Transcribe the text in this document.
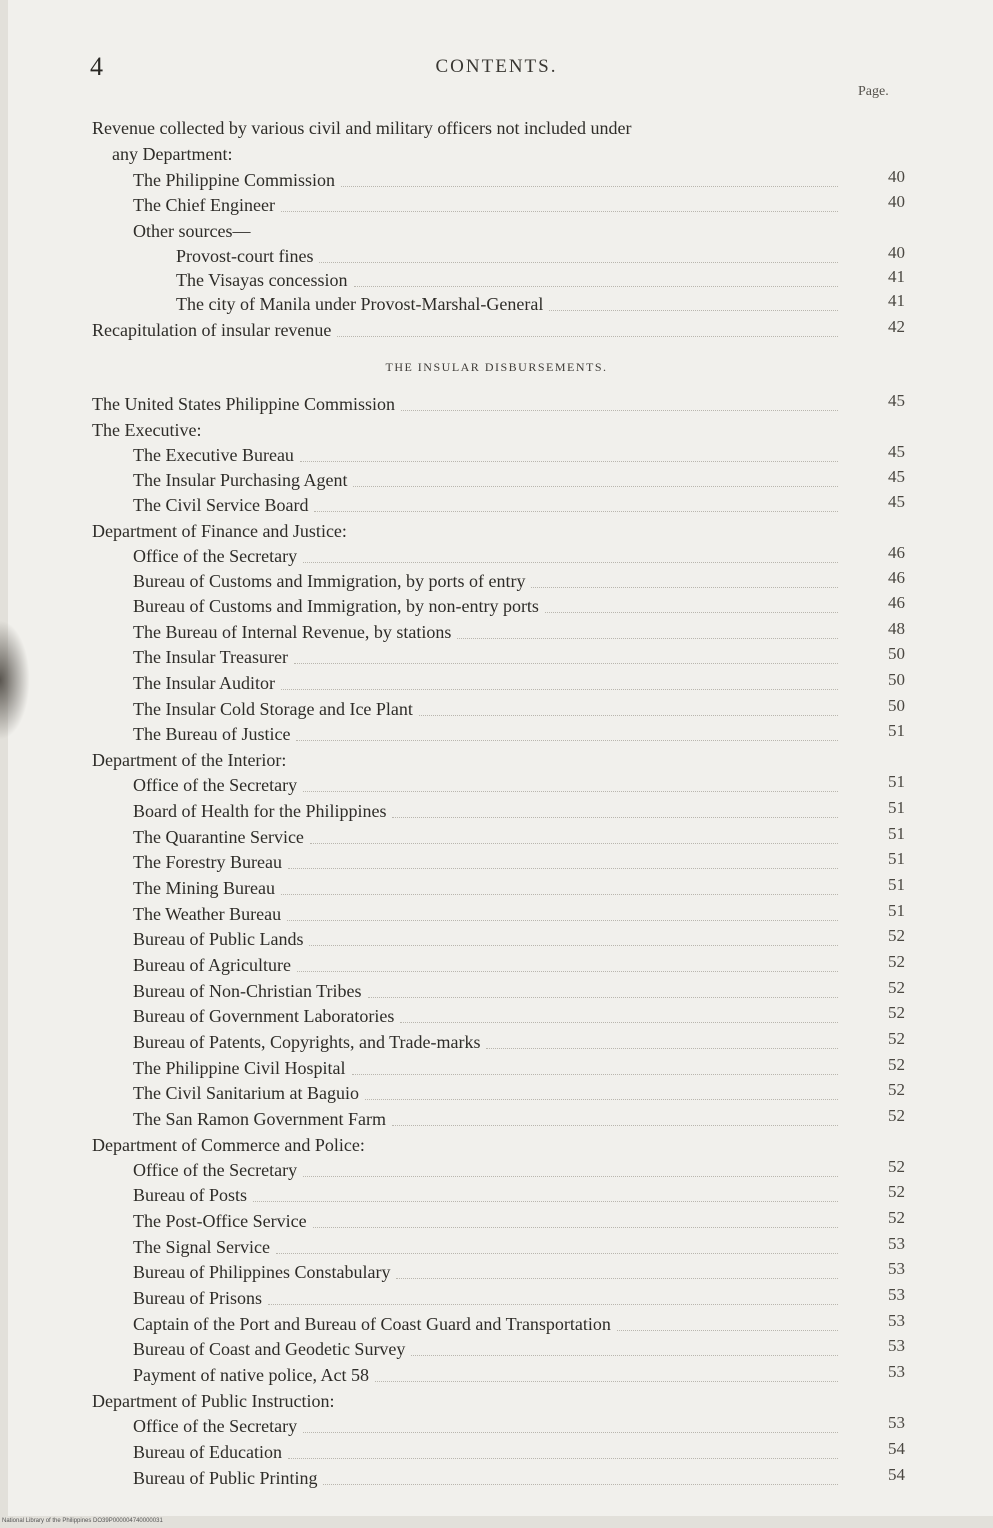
4	CONTENTS.
Page.
THE INSULAR DISBURSEMENTS.
Revenue collected by various civil and military officers not included under
any Department:
The Philippine Commission	40
The Chief Engineer	40
Other sources—
Provost-court fines	40
The Visayas concession	41
The city of Manila under Provost-Marshal-General	41
Recapitulation of insular revenue	42
The United States Philippine Commission	45
The Executive:
The Executive Bureau	45
The Insular Purchasing Agent	45
The Civil Service Board	45
Department of Finance and Justice:
Office of the Secretary	46
Bureau of Customs and Immigration, by ports of entry	46
Bureau of Customs and Immigration, by non-entry ports	46
The Bureau of Internal Revenue, by stations	48
The Insular Treasurer	50
The Insular Auditor	50
The Insular Cold Storage and Ice Plant	50
The Bureau of Justice	51
Department of the Interior:
Office of the Secretary	51
Board of Health for the Philippines	51
The Quarantine Service	51
The Forestry Bureau	51
The Mining Bureau	51
The Weather Bureau	51
Bureau of Public Lands	52
Bureau of Agriculture	52
Bureau of Non-Christian Tribes	52
Bureau of Government Laboratories	52
Bureau of Patents, Copyrights, and Trade-marks	52
The Philippine Civil Hospital	52
The Civil Sanitarium at Baguio	52
The San Ramon Government Farm	52
Department of Commerce and Police:
Office of the Secretary	52
Bureau of Posts	52
The Post-Office Service	52
The Signal Service	53
Bureau of Philippines Constabulary	53
Bureau of Prisons	53
Captain of the Port and Bureau of Coast Guard and Transportation	53
Bureau of Coast and Geodetic Survey	53
Payment of native police, Act 58	53
Department of Public Instruction:
Office of the Secretary	53
Bureau of Education	54
Bureau of Public Printing	54
National Library of the Philippines DO39P000004740000031
